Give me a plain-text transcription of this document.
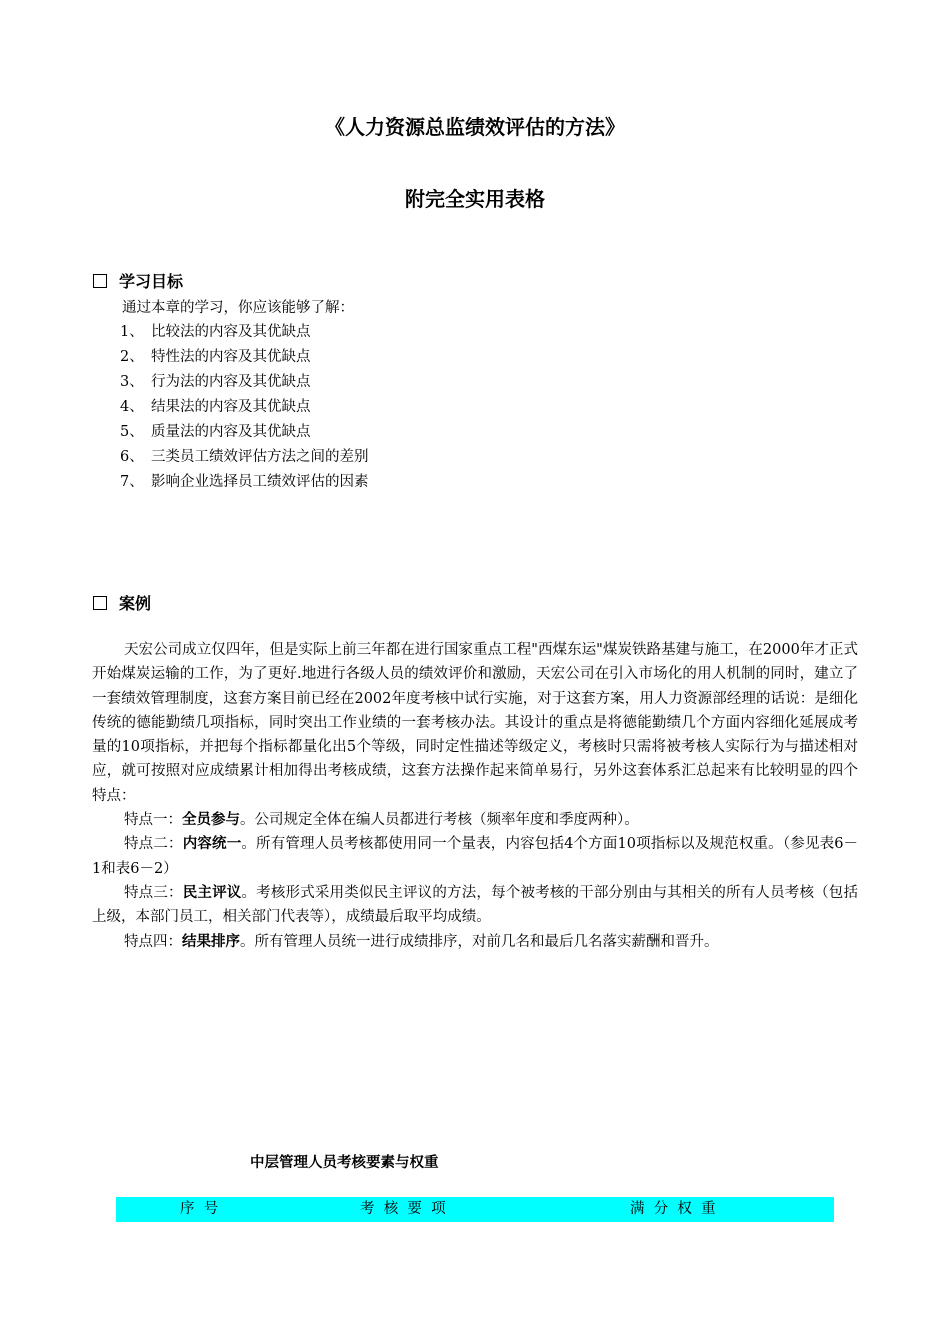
《人力资源总监绩效评估的方法》
附完全实用表格
学习目标
通过本章的学习，你应该能够了解：
1、 比较法的内容及其优缺点
2、 特性法的内容及其优缺点
3、 行为法的内容及其优缺点
4、 结果法的内容及其优缺点
5、 质量法的内容及其优缺点
6、 三类员工绩效评估方法之间的差别
7、 影响企业选择员工绩效评估的因素
案例

天宏公司成立仅四年，但是实际上前三年都在进行国家重点工程"西煤东运"煤炭铁路基建与施工，在2000年才正式开始煤炭运输的工作，为了更好.地进行各级人员的绩效评价和激励，天宏公司在引入市场化的用人机制的同时，建立了一套绩效管理制度，这套方案目前已经在2002年度考核中试行实施，对于这套方案，用人力资源部经理的话说：是细化传统的德能勤绩几项指标，同时突出工作业绩的一套考核办法。其设计的重点是将德能勤绩几个方面内容细化延展成考量的10项指标，并把每个指标都量化出5个等级，同时定性描述等级定义，考核时只需将被考核人实际行为与描述相对应，就可按照对应成绩累计相加得出考核成绩，这套方法操作起来简单易行，另外这套体系汇总起来有比较明显的四个特点：

特点一：全员参与。公司规定全体在编人员都进行考核（频率年度和季度两种）。

特点二：内容统一。所有管理人员考核都使用同一个量表，内容包括4个方面10项指标以及规范权重。（参见表6－1和表6－2）

特点三：民主评议。考核形式采用类似民主评议的方法，每个被考核的干部分别由与其相关的所有人员考核（包括上级，本部门员工，相关部门代表等），成绩最后取平均成绩。

特点四：结果排序。所有管理人员统一进行成绩排序，对前几名和最后几名落实薪酬和晋升。

中层管理人员考核要素与权重
序  号	考  核  要  项	满  分  权  重
